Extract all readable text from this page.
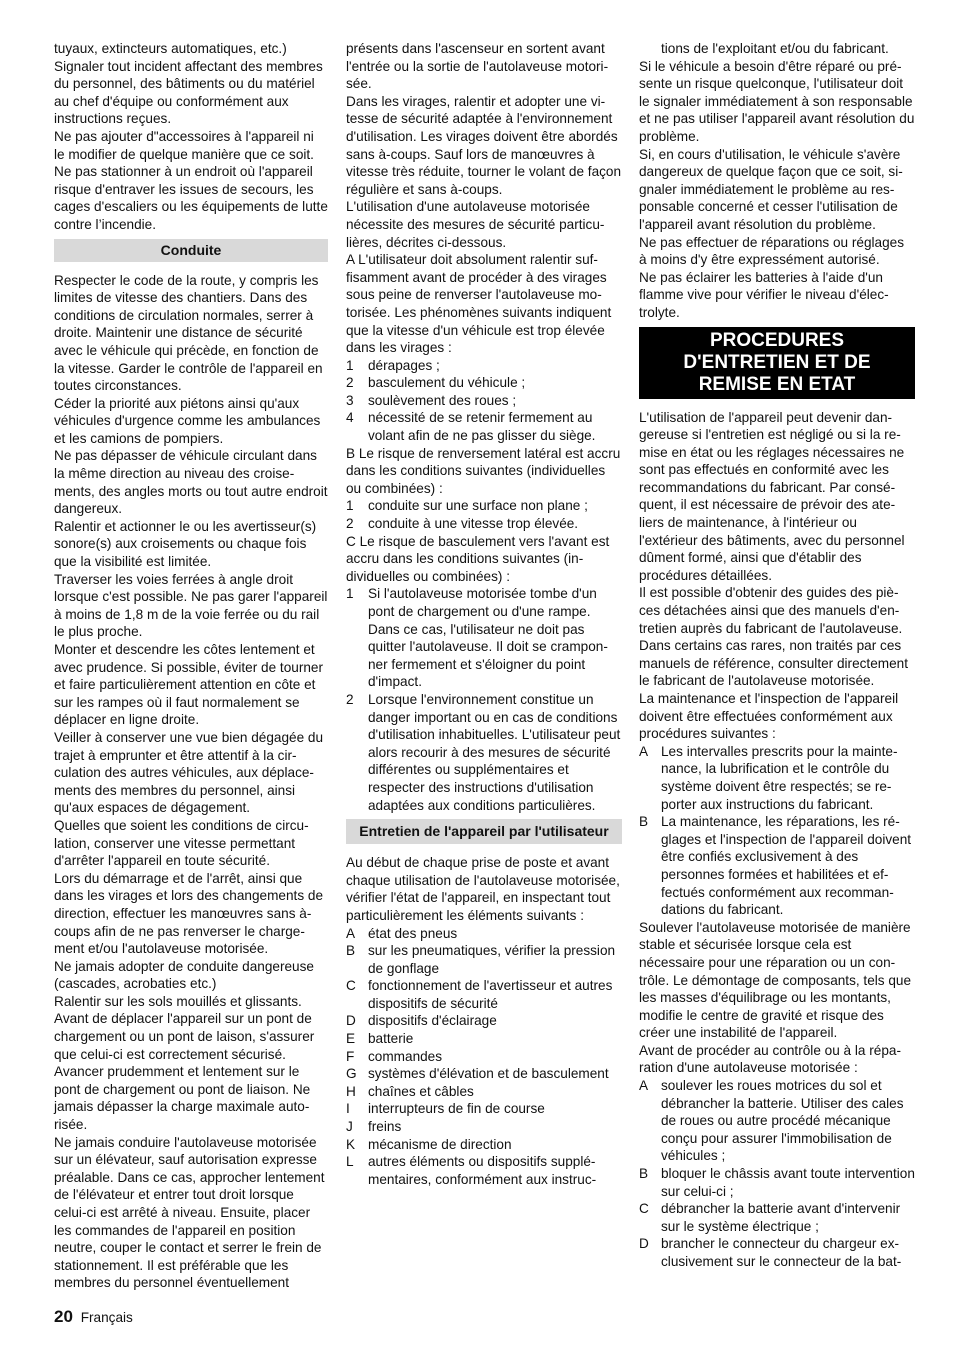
tuyaux, extincteurs automatiques, etc.)

Signaler tout incident affectant des membres du personnel, des bâtiments ou du matériel au chef d'équipe ou conformément aux instructions reçues.

Ne pas ajouter d"accessoires à l'appareil ni le modifier de quelque manière que ce soit.

Ne pas stationner à un endroit où l'appareil risque d'entraver les issues de secours, les cages d'escaliers ou les équipements de lutte contre l’incendie.

Conduite

Respecter le code de la route, y compris les limites de vitesse des chantiers. Dans des conditions de circulation normales, serrer à droite. Maintenir une distance de sécurité avec le véhicule qui précède, en fonction de la vitesse. Garder le contrôle de l'appareil en toutes circonstances.

Céder la priorité aux piétons ainsi qu'aux véhicules d'urgence comme les ambulances et les camions de pompiers.

Ne pas dépasser de véhicule circulant dans la même direction au niveau des croisements, des angles morts ou tout autre endroit dangereux.

Ralentir et actionner le ou les avertisseur(s) sonore(s) aux croisements ou chaque fois que la visibilité est limitée.

Traverser les voies ferrées à angle droit lorsque c'est possible. Ne pas garer l'appareil à moins de 1,8 m de la voie ferrée ou du rail le plus proche.

Monter et descendre les côtes lentement et avec prudence. Si possible, éviter de tourner et faire particulièrement attention en côte et sur les rampes où il faut normalement se déplacer en ligne droite.

Veiller à conserver une vue bien dégagée du trajet à emprunter et être attentif à la circulation des autres véhicules, aux déplacements des membres du personnel, ainsi qu'aux espaces de dégagement.

Quelles que soient les conditions de circulation, conserver une vitesse permettant d'arrêter l'appareil en toute sécurité.

Lors du démarrage et de l'arrêt, ainsi que dans les virages et lors des changements de direction, effectuer les manœuvres sans à-coups afin de ne pas renverser le chargement et/ou l'autolaveuse motorisée.

Ne jamais adopter de conduite dangereuse (cascades, acrobaties etc.)

Ralentir sur les sols mouillés et glissants.

Avant de déplacer l'appareil sur un pont de chargement ou un pont de laison, s'assurer que celui-ci est correctement sécurisé.

Avancer prudemment et lentement sur le pont de chargement ou pont de liaison. Ne jamais dépasser la charge maximale autorisée.

Ne jamais conduire l'autolaveuse motorisée sur un élévateur, sauf autorisation expresse préalable. Dans ce cas, approcher lentement de l'élévateur et entrer tout droit lorsque celui-ci est arrêté à niveau. Ensuite, placer les commandes de l'appareil en position neutre, couper le contact et serrer le frein de stationnement. Il est préférable que les membres du personnel éventuellement

présents dans l'ascenseur en sortent avant l'entrée ou la sortie de l'autolaveuse motorisée.

Dans les virages, ralentir et adopter une vitesse de sécurité adaptée à l'environnement d'utilisation. Les virages doivent être abordés sans à-coups. Sauf lors de manœuvres à vitesse très réduite, tourner le volant de façon régulière et sans à-coups.

L'utilisation d'une autolaveuse motorisée nécessite des mesures de sécurité particulières, décrites ci-dessous.

A L'utilisateur doit absolument ralentir suffisamment avant de procéder à des virages sous peine de renverser l'autolaveuse motorisée. Les phénomènes suivants indiquent que la vitesse d'un véhicule est trop élevée dans les virages :

1	dérapages ;
2	basculement du véhicule ;
3	soulèvement des roues ;
4	nécessité de se retenir fermement au volant afin de ne pas glisser du siège.

B Le risque de renversement latéral est accru dans les conditions suivantes (individuelles ou combinées) :

1	conduite sur une surface non plane ;
2	conduite à une vitesse trop élevée.

C Le risque de basculement vers l'avant est accru dans les conditions suivantes (individuelles ou combinées) :

1	Si l'autolaveuse motorisée tombe d'un pont de chargement ou d'une rampe. Dans ce cas, l'utilisateur ne doit pas quitter l'autolaveuse. Il doit se cramponner fermement et s'éloigner du point d'impact.
2	Lorsque l'environnement constitue un danger important ou en cas de conditions d'utilisation inhabituelles. L'utilisateur peut alors recourir à des mesures de sécurité différentes ou supplémentaires et respecter des instructions d'utilisation adaptées aux conditions particulières.
Entretien de l'appareil par l'utilisateur

Au début de chaque prise de poste et avant chaque utilisation de l'autolaveuse motorisée, vérifier l'état de l'appareil, en inspectant tout particulièrement les éléments suivants :

A état des pneus
B sur les pneumatiques, vérifier la pression de gonflage
C fonctionnement de l'avertisseur et autres dispositifs de sécurité
D dispositifs d'éclairage
E batterie
F	commandes
G systèmes d'élévation et de basculement
H chaînes et câbles
I	interrupteurs de fin de course
J	freins
K mécanisme de direction
L	autres éléments ou dispositifs supplémentaires, conformément aux instruc-

tions de l'exploitant et/ou du fabricant.

Si le véhicule a besoin d'être réparé ou présente un risque quelconque, l'utilisateur doit le signaler immédiatement à son responsable et ne pas utiliser l'appareil avant résolution du problème.

Si, en cours d'utilisation, le véhicule s'avère dangereux de quelque façon que ce soit, signaler immédiatement le problème au responsable concerné et cesser l'utilisation de l'appareil avant résolution du problème.

Ne pas effectuer de réparations ou réglages à moins d'y être expressément autorisé.

Ne pas éclairer les batteries à l'aide d'un flamme vive pour vérifier le niveau d'électrolyte.

PROCEDURES D'ENTRETIEN ET DE REMISE EN ETAT

L'utilisation de l'appareil peut devenir dangereuse si l'entretien est négligé ou si la remise en état ou les réglages nécessaires ne sont pas effectués en conformité avec les recommandations du fabricant. Par conséquent, il est nécessaire de prévoir des ateliers de maintenance, à l'intérieur ou l'extérieur des bâtiments, avec du personnel dûment formé, ainsi que d'établir des procédures détaillées.

Il est possible d'obtenir des guides des pièces détachées ainsi que des manuels d'entretien auprès du fabricant de l'autolaveuse. Dans certains cas rares, non traités par ces manuels de référence, consulter directement le fabricant de l'autolaveuse motorisée.

La maintenance et l'inspection de l'appareil doivent être effectuées conformément aux procédures suivantes :

A Les intervalles prescrits pour la maintenance, la lubrification et le contrôle du système doivent être respectés; se reporter aux instructions du fabricant.
B La maintenance, les réparations, les réglages et l'inspection de l'appareil doivent être confiés exclusivement à des personnes formées et habilitées et effectués conformément aux recommandations du fabricant.

Soulever l'autolaveuse motorisée de manière stable et sécurisée lorsque cela est nécessaire pour une réparation ou un contrôle. Le démontage de composants, tels que les masses d'équilibrage ou les montants, modifie le centre de gravité et risque des créer une instabilité de l'appareil.

Avant de procéder au contrôle ou à la réparation d'une autolaveuse motorisée :

A soulever les roues motrices du sol et débrancher la batterie. Utiliser des cales de roues ou autre procédé mécanique conçu pour assurer l'immobilisation de véhicules ;
B bloquer le châssis avant toute intervention sur celui-ci ;
C débrancher la batterie avant d'intervenir sur le système électrique ;
D brancher le connecteur du chargeur exclusivement sur le connecteur de la bat-
20 Français
